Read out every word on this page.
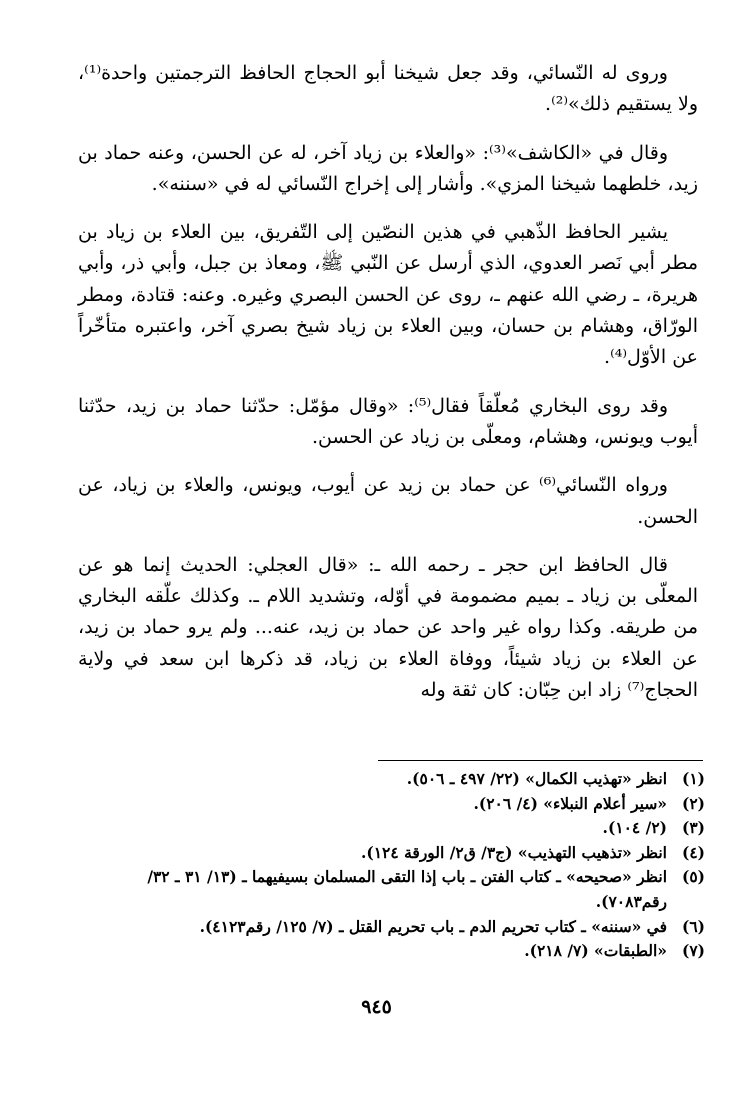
وروى له النّسائي، وقد جعل شيخنا أبو الحجاج الحافظ الترجمتين واحدة⁽¹⁾، ولا يستقيم ذلك»⁽²⁾.

وقال في «الكاشف»⁽³⁾: «والعلاء بن زياد آخر، له عن الحسن، وعنه حماد بن زيد، خلطهما شيخنا المزي». وأشار إلى إخراج النّسائي له في «سننه».

يشير الحافظ الذّهبي في هذين النصّين إلى التّفريق، بين العلاء بن زياد بن مطر أبي نَصر العدوي، الذي أرسل عن النّبي ﷺ، ومعاذ بن جبل، وأبي ذر، وأبي هريرة، ـ رضي الله عنهم ـ، روى عن الحسن البصري وغيره. وعنه: قتادة، ومطر الورّاق، وهشام بن حسان، وبين العلاء بن زياد شيخ بصري آخر، واعتبره متأخّراً عن الأوّل⁽⁴⁾.

وقد روى البخاري مُعلّقاً فقال⁽⁵⁾: «وقال مؤمّل: حدّثنا حماد بن زيد، حدّثنا أيوب ويونس، وهشام، ومعلّى بن زياد عن الحسن.

ورواه النّسائي⁽⁶⁾ عن حماد بن زيد عن أيوب، ويونس، والعلاء بن زياد، عن الحسن.

قال الحافظ ابن حجر ـ رحمه الله ـ: «قال العجلي: الحديث إنما هو عن المعلّى بن زياد ـ بميم مضمومة في أوّله، وتشديد اللام ـ. وكذلك علّقه البخاري من طريقه. وكذا رواه غير واحد عن حماد بن زيد، عنه... ولم يرو حماد بن زيد، عن العلاء بن زياد شيئاً، ووفاة العلاء بن زياد، قد ذكرها ابن سعد في ولاية الحجاج⁽⁷⁾ زاد ابن حِبّان: كان ثقة وله

(١)
انظر «تهذيب الكمال» (٢٢/ ٤٩٧ ـ ٥٠٦).
(٢)
«سير أعلام النبلاء» (٤/ ٢٠٦).
(٣)
(٢/ ١٠٤).
(٤)
انظر «تذهيب التهذيب» (ج٣/ ق٢/ الورقة ١٢٤).
(٥)
انظر «صحيحه» ـ كتاب الفتن ـ باب إذا التقى المسلمان بسيفيهما ـ (١٣/ ٣١ ـ ٣٢/ رقم٧٠٨٣).
(٦)
في «سننه» ـ كتاب تحريم الدم ـ باب تحريم القتل ـ (٧/ ١٢٥/ رقم٤١٢٣).
(٧)
«الطبقات» (٧/ ٢١٨).
٩٤٥
